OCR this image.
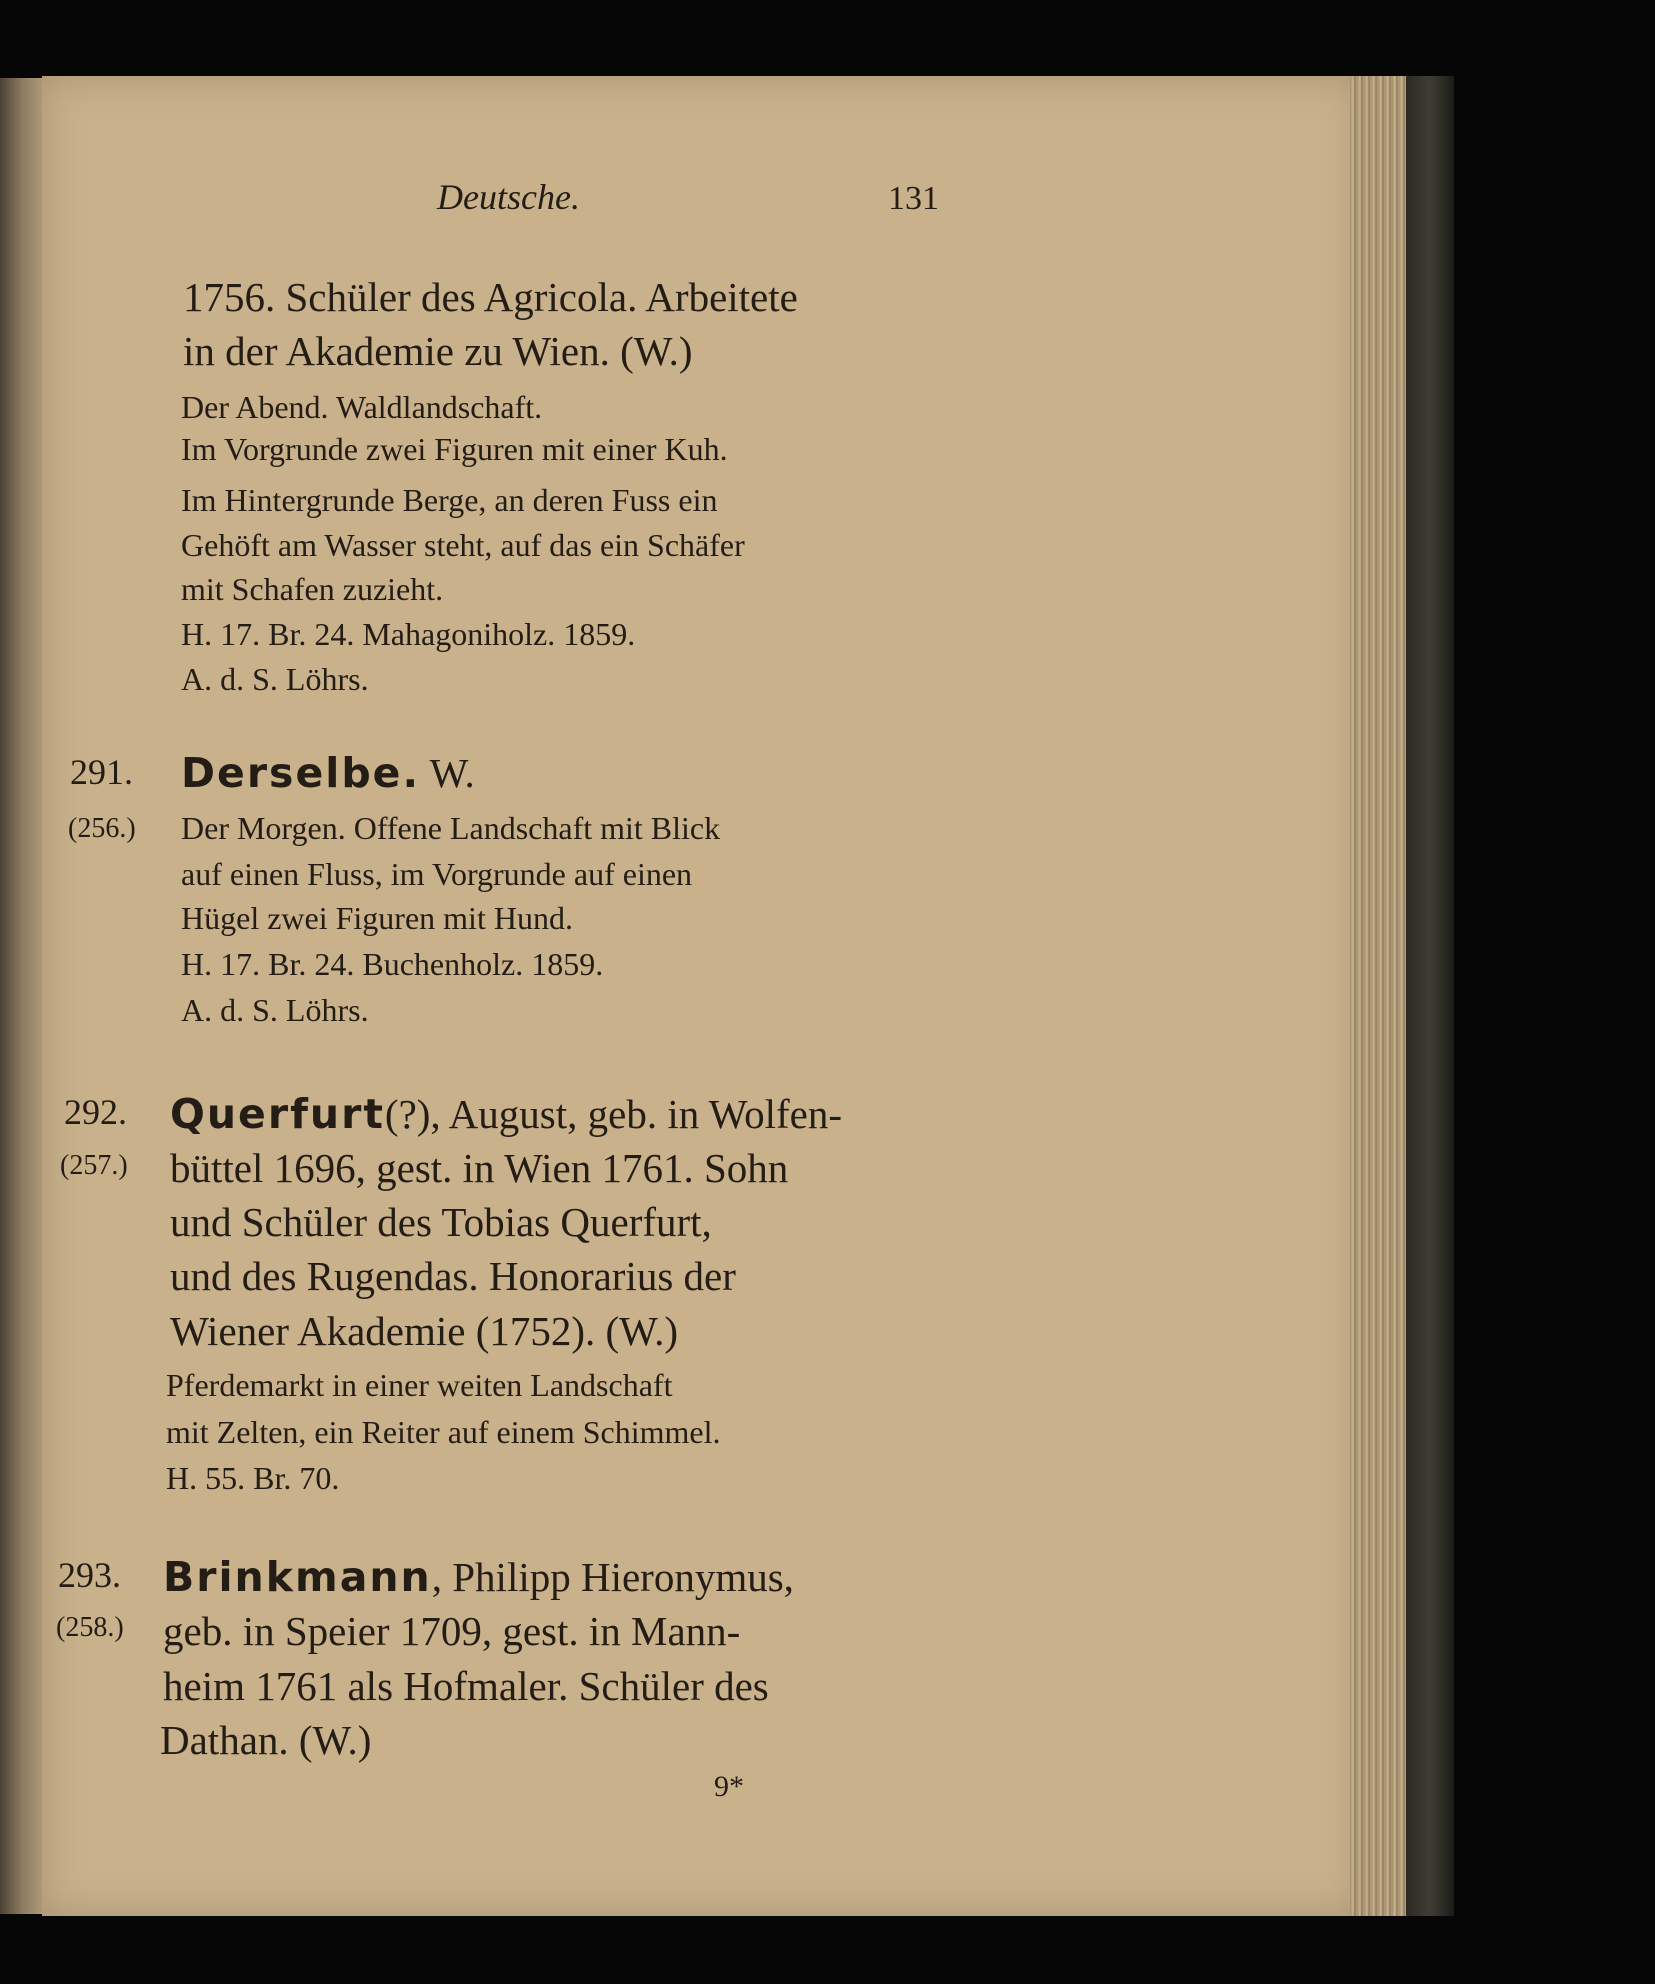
Deutsche.	131
1756. Schüler des Agricola. Arbeitete
in der Akademie zu Wien. (W.)
Der Abend. Waldlandschaft.
Im Vorgrunde zwei Figuren mit einer Kuh.
Im Hintergrunde Berge, an deren Fuss ein
Gehöft am Wasser steht, auf das ein Schäfer
mit Schafen zuzieht.
H. 17. Br. 24. Mahagoniholz. 1859.
A. d. S. Löhrs.
291. Derselbe. W.
(256.) Der Morgen. Offene Landschaft mit Blick
auf einen Fluss, im Vorgrunde auf einen
Hügel zwei Figuren mit Hund.
H. 17. Br. 24. Buchenholz. 1859.
A. d. S. Löhrs.
292. Querfurt(?), August, geb. in Wolfen-
(257.) büttel 1696, gest. in Wien 1761. Sohn
und Schüler des Tobias Querfurt,
und des Rugendas. Honorarius der
Wiener Akademie (1752). (W.)
Pferdemarkt in einer weiten Landschaft
mit Zelten, ein Reiter auf einem Schimmel.
H. 55. Br. 70.
293. Brinkmann, Philipp Hieronymus,
(258.) geb. in Speier 1709, gest. in Mann-
heim 1761 als Hofmaler. Schüler des
Dathan. (W.)
9*
